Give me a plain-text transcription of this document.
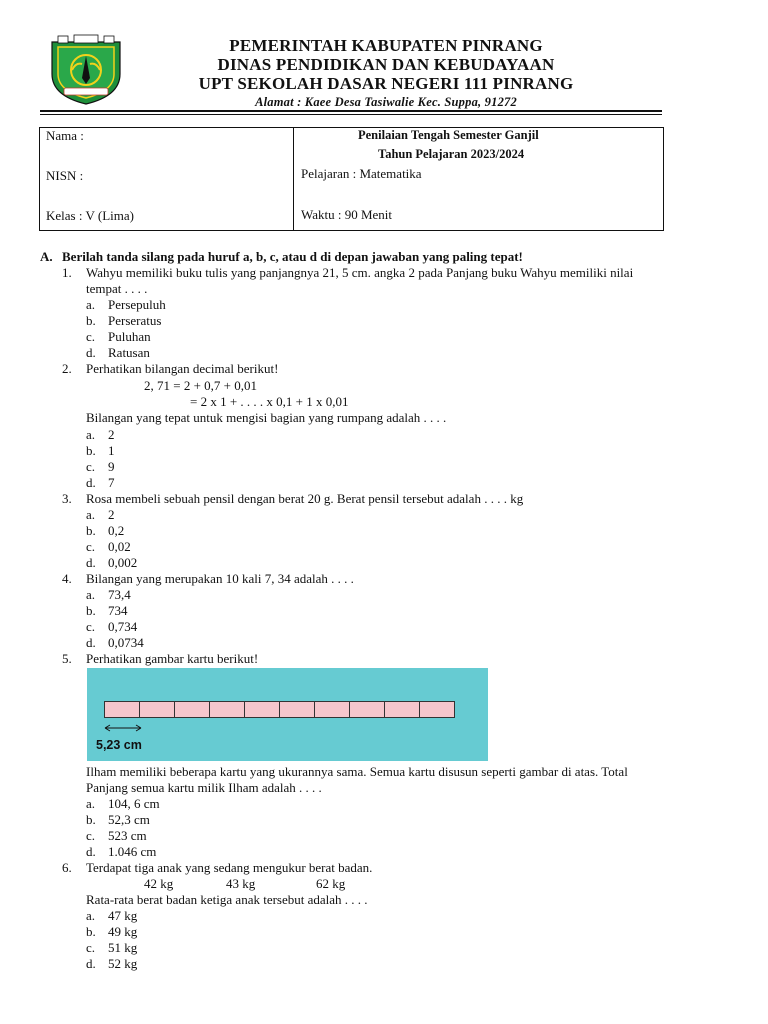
PEMERINTAH KABUPATEN PINRANG
DINAS PENDIDIKAN DAN KEBUDAYAAN
UPT SEKOLAH DASAR NEGERI 111 PINRANG
Alamat : Kaee Desa Tasiwalie Kec. Suppa, 91272
Nama :
NISN :
Kelas : V (Lima)
Penilaian Tengah Semester Ganjil
Tahun Pelajaran 2023/2024
Pelajaran : Matematika
Waktu : 90 Menit
A. Berilah tanda silang pada huruf a, b, c, atau d di depan jawaban yang paling tepat!
1. Wahyu memiliki buku tulis yang panjangnya 21, 5 cm. angka 2 pada Panjang buku Wahyu memiliki nilai
tempat . . . .
a. Persepuluh
b. Perseratus
c. Puluhan
d. Ratusan
2. Perhatikan bilangan decimal berikut!
2, 71 = 2 + 0,7 + 0,01
= 2 x 1 + . . . . x 0,1 + 1 x 0,01
Bilangan yang tepat untuk mengisi bagian yang rumpang adalah . . . .
a. 2
b. 1
c. 9
d. 7
3. Rosa membeli sebuah pensil dengan berat 20 g. Berat pensil tersebut adalah . . . . kg
a. 2
b. 0,2
c. 0,02
d. 0,002
4. Bilangan yang merupakan 10 kali 7, 34 adalah . . . .
a. 73,4
b. 734
c. 0,734
d. 0,0734
5. Perhatikan gambar kartu berikut!
5,23 cm
Ilham memiliki beberapa kartu yang ukurannya sama. Semua kartu disusun seperti gambar di atas. Total
Panjang semua kartu milik Ilham adalah . . . .
a. 104, 6 cm
b. 52,3 cm
c. 523 cm
d. 1.046 cm
6. Terdapat tiga anak yang sedang mengukur berat badan.
42 kg	43 kg	62 kg
Rata-rata berat badan ketiga anak tersebut adalah . . . .
a. 47 kg
b. 49 kg
c. 51 kg
d. 52 kg
